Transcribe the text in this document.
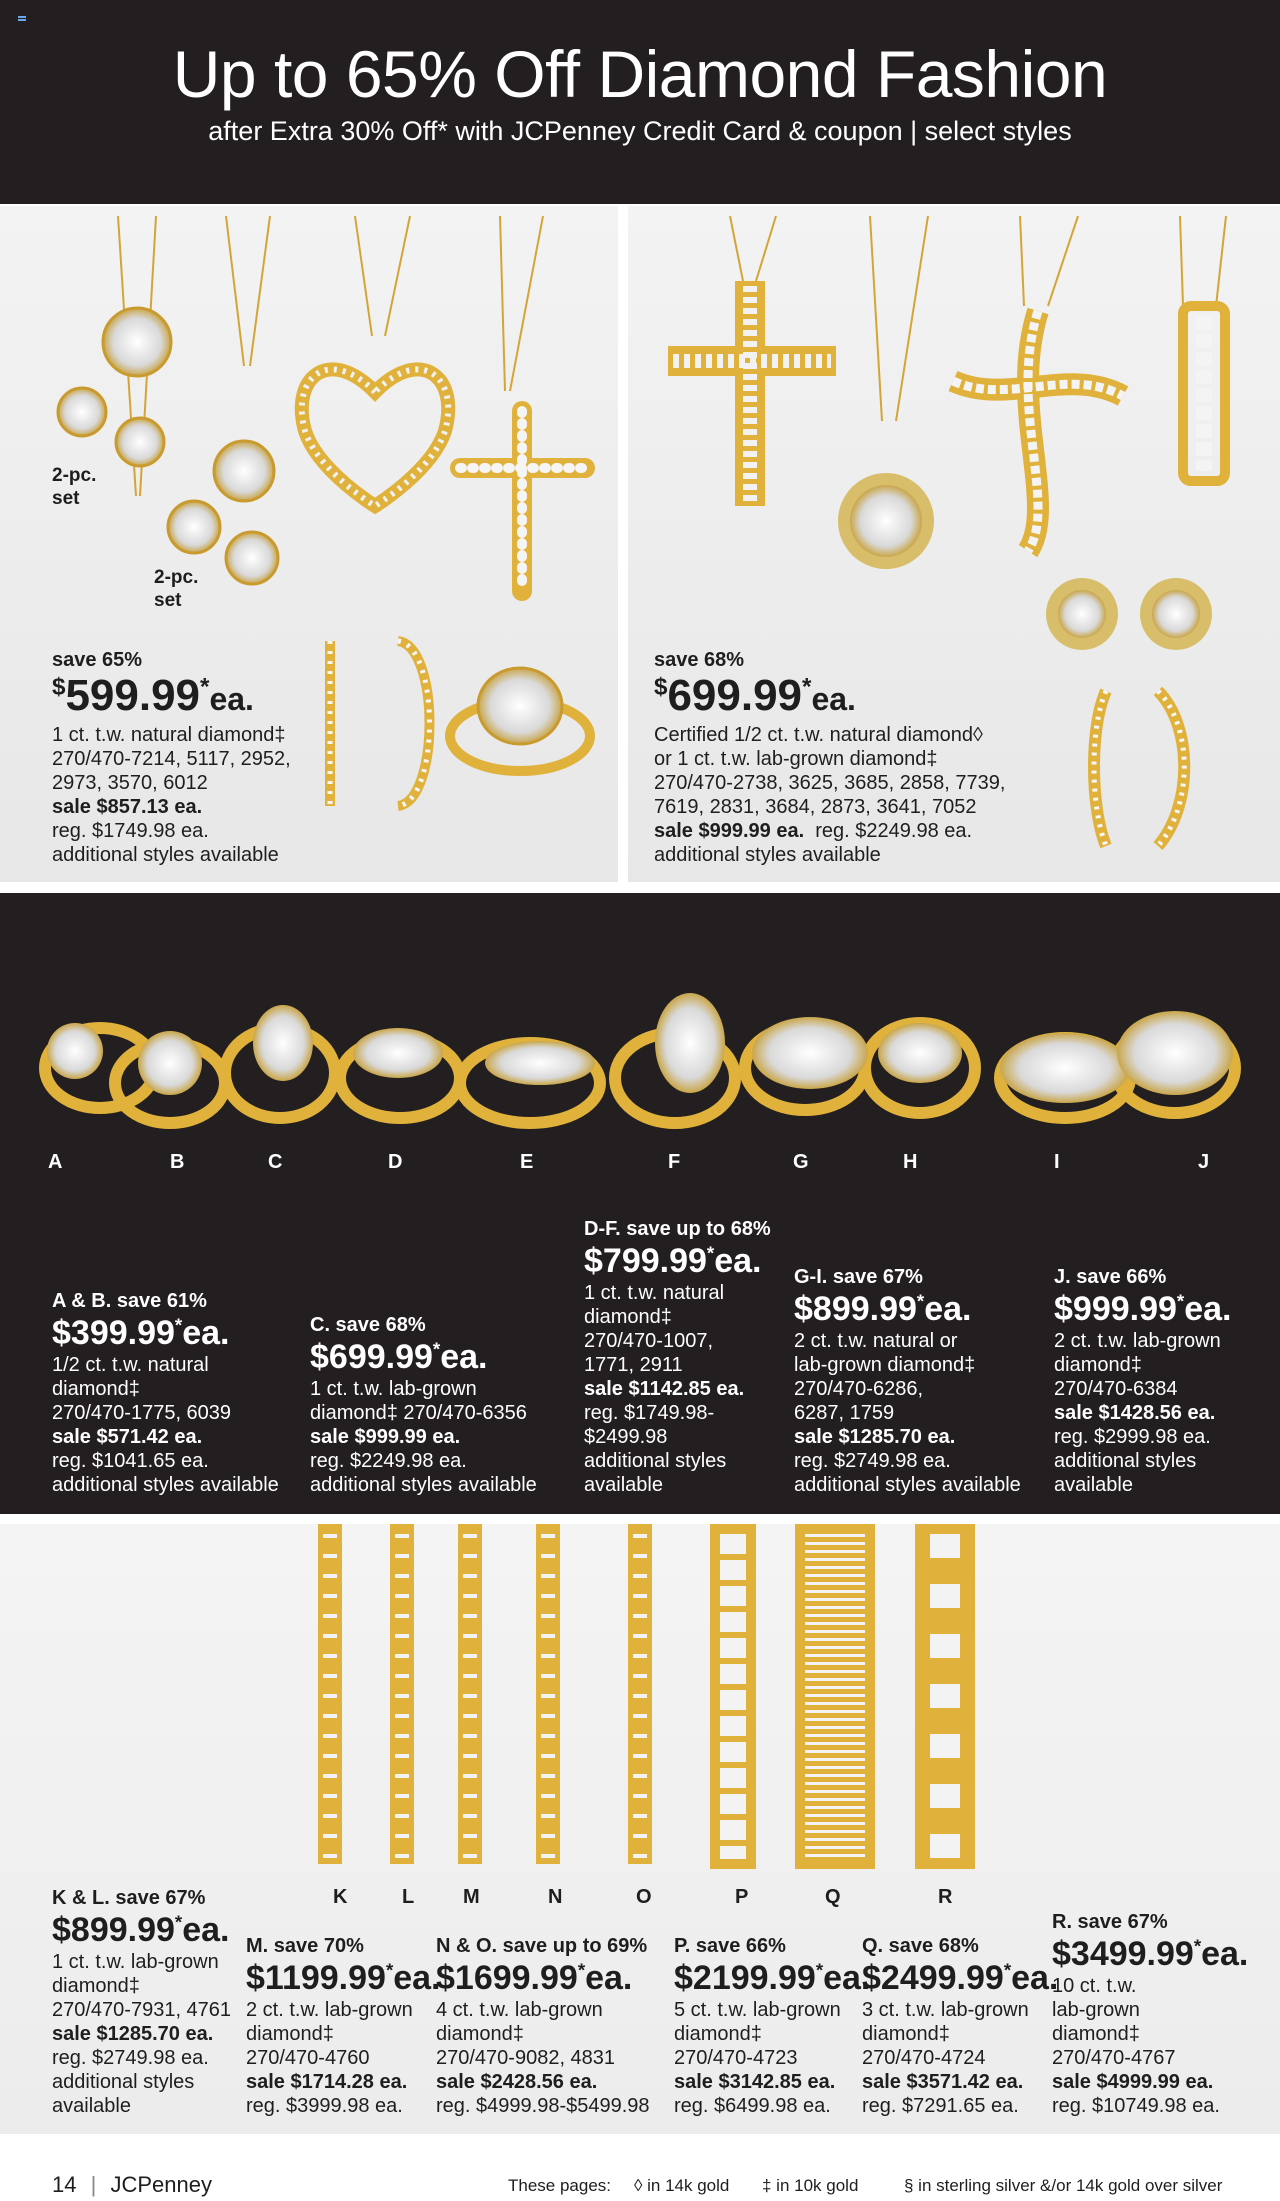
Up to 65% Off Diamond Fashion
after Extra 30% Off* with JCPenney Credit Card & coupon | select styles
2-pc.
set
2-pc.
set
save 65%
$599.99*ea.
1 ct. t.w. natural diamond‡
270/470-7214, 5117, 2952,
2973, 3570, 6012
sale $857.13 ea.
reg. $1749.98 ea.
additional styles available
save 68%
$699.99*ea.
Certified 1/2 ct. t.w. natural diamond◊
or 1 ct. t.w. lab-grown diamond‡
270/470-2738, 3625, 3685, 2858, 7739,
7619, 2831, 3684, 2873, 3641, 7052
sale $999.99 ea. reg. $2249.98 ea.
additional styles available
A	B	C	D	E	F	G	H	I	J
A & B. save 61%
$399.99*ea.
1/2 ct. t.w. natural
diamond‡
270/470-1775, 6039
sale $571.42 ea.
reg. $1041.65 ea.
additional styles available
C. save 68%
$699.99*ea.
1 ct. t.w. lab-grown
diamond‡ 270/470-6356
sale $999.99 ea.
reg. $2249.98 ea.
additional styles available
D-F. save up to 68%
$799.99*ea.
1 ct. t.w. natural
diamond‡
270/470-1007,
1771, 2911
sale $1142.85 ea.
reg. $1749.98-
$2499.98
additional styles
available
G-I. save 67%
$899.99*ea.
2 ct. t.w. natural or
lab-grown diamond‡
270/470-6286,
6287, 1759
sale $1285.70 ea.
reg. $2749.98 ea.
additional styles available
J. save 66%
$999.99*ea.
2 ct. t.w. lab-grown
diamond‡
270/470-6384
sale $1428.56 ea.
reg. $2999.98 ea.
additional styles
available
K	L M	N	O	P	Q	R
K & L. save 67%
$899.99*ea.
1 ct. t.w. lab-grown
diamond‡
270/470-7931, 4761
sale $1285.70 ea.
reg. $2749.98 ea.
additional styles
available
M. save 70%
$1199.99*ea.
2 ct. t.w. lab-grown
diamond‡
270/470-4760
sale $1714.28 ea.
reg. $3999.98 ea.
N & O. save up to 69%
$1699.99*ea.
4 ct. t.w. lab-grown
diamond‡
270/470-9082, 4831
sale $2428.56 ea.
reg. $4999.98-$5499.98
P. save 66%
$2199.99*ea.
5 ct. t.w. lab-grown
diamond‡
270/470-4723
sale $3142.85 ea.
reg. $6499.98 ea.
Q. save 68%
$2499.99*ea.
3 ct. t.w. lab-grown
diamond‡
270/470-4724
sale $3571.42 ea.
reg. $7291.65 ea.
R. save 67%
$3499.99*ea.
10 ct. t.w.
lab-grown
diamond‡
270/470-4767
sale $4999.99 ea.
reg. $10749.98 ea.
14 | JCPenney	These pages: ◊ in 14k gold ‡ in 10k gold	§ in sterling silver &/or 14k gold over silver
